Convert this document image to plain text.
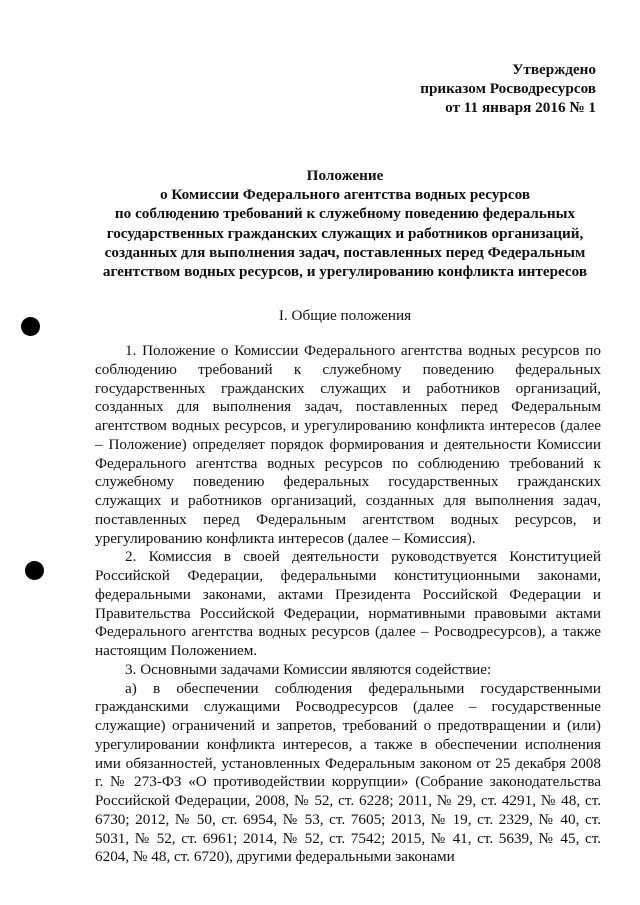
Утверждено
приказом Росводресурсов
от 11 января 2016 № 1
Положение
о Комиссии Федерального агентства водных ресурсов
по соблюдению требований к служебному поведению федеральных
государственных гражданских служащих и работников организаций,
созданных для выполнения задач, поставленных перед Федеральным
агентством водных ресурсов, и урегулированию конфликта интересов
I. Общие положения

1. Положение о Комиссии Федерального агентства водных ресурсов по соблюдению требований к служебному поведению федеральных государственных гражданских служащих и работников организаций, созданных для выполнения задач, поставленных перед Федеральным агентством водных ресурсов, и урегулированию конфликта интересов (далее – Положение) определяет порядок формирования и деятельности Комиссии Федерального агентства водных ресурсов по соблюдению требований к служебному поведению федеральных государственных гражданских служащих и работников организаций, созданных для выполнения задач, поставленных перед Федеральным агентством водных ресурсов, и урегулированию конфликта интересов (далее – Комиссия).

2. Комиссия в своей деятельности руководствуется Конституцией Российской Федерации, федеральными конституционными законами, федеральными законами, актами Президента Российской Федерации и Правительства Российской Федерации, нормативными правовыми актами Федерального агентства водных ресурсов (далее – Росводресурсов), а также настоящим Положением.

3. Основными задачами Комиссии являются содействие:

а) в обеспечении соблюдения федеральными государственными гражданскими служащими Росводресурсов (далее – государственные служащие) ограничений и запретов, требований о предотвращении и (или) урегулировании конфликта интересов, а также в обеспечении исполнения ими обязанностей, установленных Федеральным законом от 25 декабря 2008 г. № 273-ФЗ «О противодействии коррупции» (Собрание законодательства Российской Федерации, 2008, № 52, ст. 6228; 2011, № 29, ст. 4291, № 48, ст. 6730; 2012, № 50, ст. 6954, № 53, ст. 7605; 2013, № 19, ст. 2329, № 40, ст. 5031, № 52, ст. 6961; 2014, № 52, ст. 7542; 2015, № 41, ст. 5639, № 45, ст. 6204, № 48, ст. 6720), другими федеральными законами
